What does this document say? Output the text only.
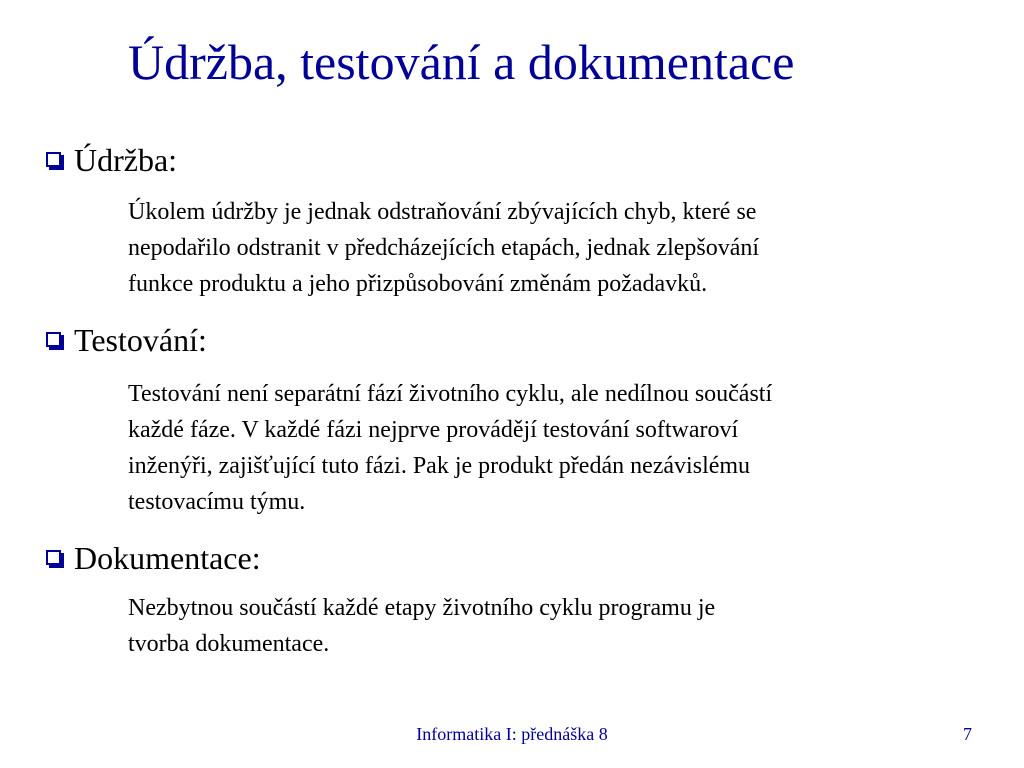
Údržba, testování a dokumentace
Údržba:
Úkolem údržby je jednak odstraňování zbývajících chyb, které se
nepodařilo odstranit v předcházejících etapách, jednak zlepšování
funkce produktu a jeho přizpůsobování změnám požadavků.
Testování:
Testování není separátní fází životního cyklu, ale nedílnou součástí
každé fáze. V každé fázi nejprve provádějí testování softwaroví
inženýři, zajišťující tuto fázi. Pak je produkt předán nezávislému
testovacímu týmu.
Dokumentace:
Nezbytnou součástí každé etapy životního cyklu programu je
tvorba dokumentace.
Informatika I: přednáška 8	7
